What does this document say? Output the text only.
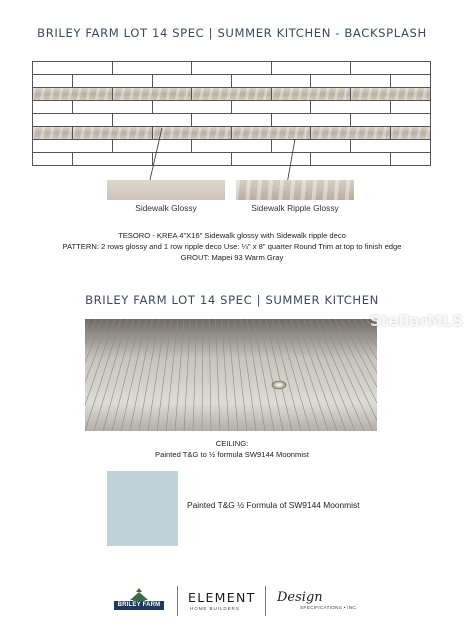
BRILEY FARM LOT 14 SPEC | SUMMER KITCHEN - BACKSPLASH
Sidewalk Glossy	Sidewalk Ripple Glossy
TESORO - KREA 4"X16" Sidewalk glossy with Sidewalk ripple deco
PATTERN: 2 rows glossy and 1 row ripple deco Use: ¼" x 8" quarter Round Trim at top to finish edge
GROUT: Mapei 93 Warm Gray
BRILEY FARM LOT 14 SPEC | SUMMER KITCHEN
StellarMLS
CEILING:
Painted T&G to ½ formula SW9144 Moonmist
Painted T&G ½ Formula of SW9144 Moonmist
BRILEY FARM ELEMENT
HOME BUILDERS
Design
SPECIFICATIONS • INC.
